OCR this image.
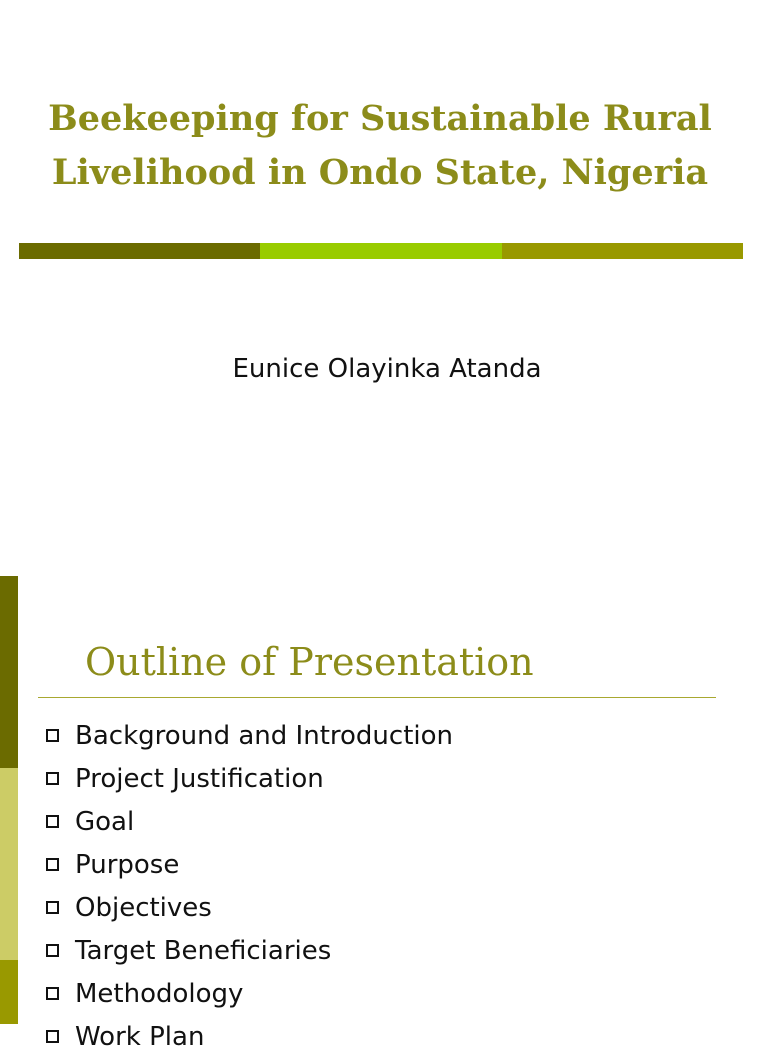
Beekeeping for Sustainable Rural
Livelihood in Ondo State, Nigeria
Eunice Olayinka Atanda
Outline of Presentation
Background and Introduction
Project Justification
Goal
Purpose
Objectives
Target Beneficiaries
Methodology
Work Plan
